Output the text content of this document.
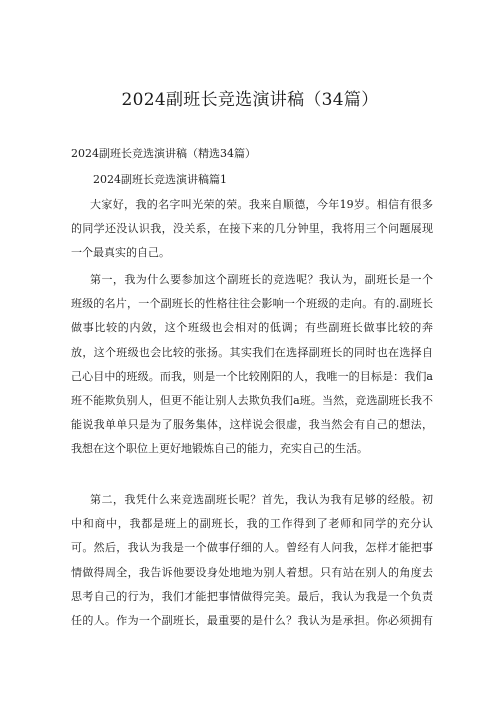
2024副班长竞选演讲稿（34篇）
2024副班长竞选演讲稿（精选34篇）
2024副班长竞选演讲稿篇1
大家好，我的名字叫光荣的荣。我来自顺德，今年19岁。相信有很多
的同学还没认识我，没关系，在接下来的几分钟里，我将用三个问题展现
一个最真实的自己。
第一，我为什么要参加这个副班长的竞选呢？我认为，副班长是一个
班级的名片，一个副班长的性格往往会影响一个班级的走向。有的.副班长
做事比较的内敛，这个班级也会相对的低调；有些副班长做事比较的奔
放，这个班级也会比较的张扬。其实我们在选择副班长的同时也在选择自
己心目中的班级。而我，则是一个比较刚阳的人，我唯一的目标是：我们a
班不能欺负别人，但更不能让别人去欺负我们a班。当然，竞选副班长我不
能说我单单只是为了服务集体，这样说会很虚，我当然会有自己的想法，
我想在这个职位上更好地锻炼自己的能力，充实自己的生活。
第二，我凭什么来竞选副班长呢？首先，我认为我有足够的经般。初
中和商中，我都是班上的副班长，我的工作得到了老师和同学的充分认
可。然后，我认为我是一个做事仔细的人。曾经有人问我，怎样才能把事
情做得周全，我告诉他要设身处地地为别人着想。只有站在别人的角度去
思考自己的行为，我们才能把事情做得完美。最后，我认为我是一个负责
任的人。作为一个副班长，最重要的是什么？我认为是承担。你必须拥有
